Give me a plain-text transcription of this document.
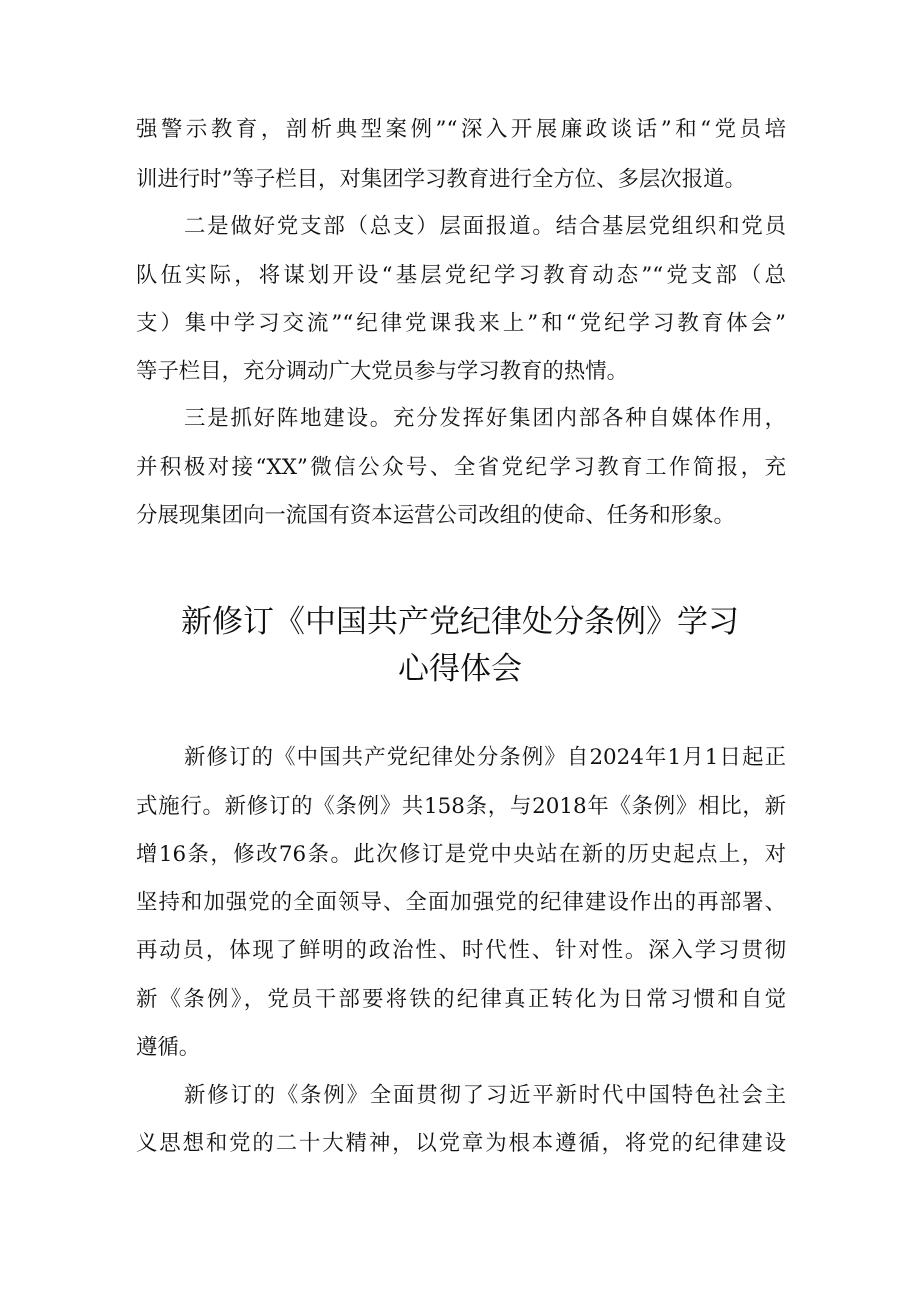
强警示教育，剖析典型案例”“深入开展廉政谈话”和“党员培
训进行时”等子栏目，对集团学习教育进行全方位、多层次报道。
二是做好党支部（总支）层面报道。结合基层党组织和党员
队伍实际，将谋划开设“基层党纪学习教育动态”“党支部（总
支）集中学习交流”“纪律党课我来上”和“党纪学习教育体会”
等子栏目，充分调动广大党员参与学习教育的热情。
三是抓好阵地建设。充分发挥好集团内部各种自媒体作用，
并积极对接“XX”微信公众号、全省党纪学习教育工作简报，充
分展现集团向一流国有资本运营公司改组的使命、任务和形象。
新修订《中国共产党纪律处分条例》学习
心得体会
新修订的《中国共产党纪律处分条例》自2024年1月1日起正
式施行。新修订的《条例》共158条，与2018年《条例》相比，新
增16条，修改76条。此次修订是党中央站在新的历史起点上，对
坚持和加强党的全面领导、全面加强党的纪律建设作出的再部署、
再动员，体现了鲜明的政治性、时代性、针对性。深入学习贯彻
新《条例》，党员干部要将铁的纪律真正转化为日常习惯和自觉
遵循。
新修订的《条例》全面贯彻了习近平新时代中国特色社会主
义思想和党的二十大精神，以党章为根本遵循，将党的纪律建设
